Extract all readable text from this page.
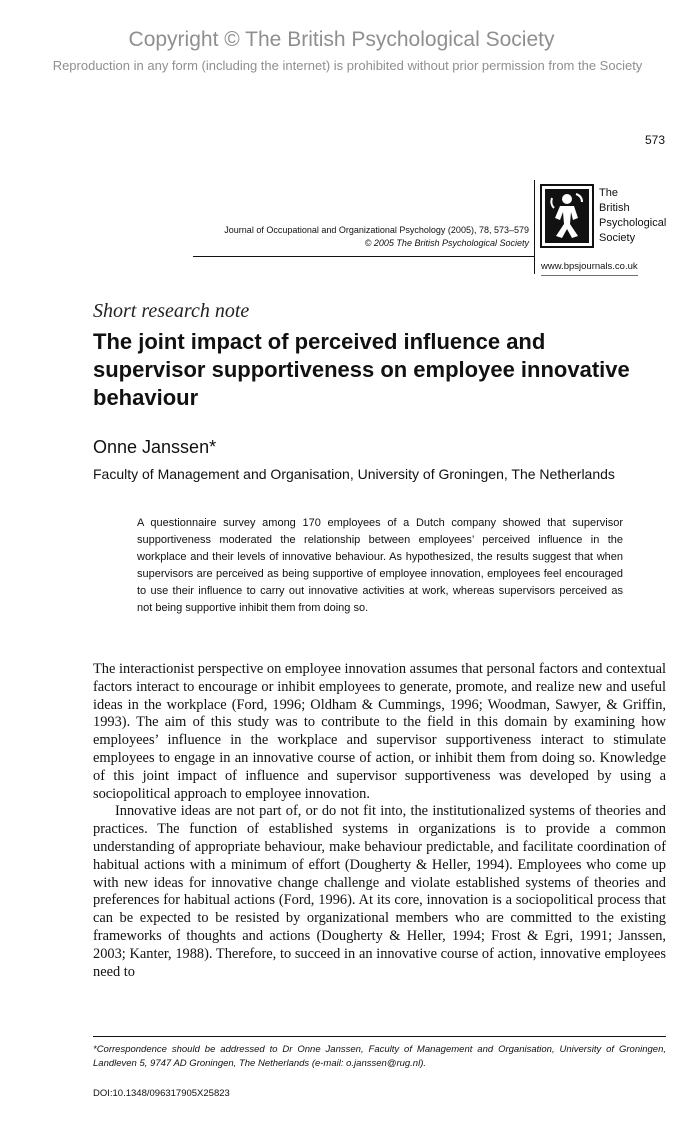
Copyright © The British Psychological Society
Reproduction in any form (including the internet) is prohibited without prior permission from the Society
573
Journal of Occupational and Organizational Psychology (2005), 78, 573–579
© 2005 The British Psychological Society
The
British
Psychological
Society
www.bpsjournals.co.uk
Short research note
The joint impact of perceived influence and supervisor supportiveness on employee innovative behaviour
Onne Janssen*
Faculty of Management and Organisation, University of Groningen, The Netherlands
A questionnaire survey among 170 employees of a Dutch company showed that supervisor supportiveness moderated the relationship between employees’ perceived influence in the workplace and their levels of innovative behaviour. As hypothesized, the results suggest that when supervisors are perceived as being supportive of employee innovation, employees feel encouraged to use their influence to carry out innovative activities at work, whereas supervisors perceived as not being supportive inhibit them from doing so.

The interactionist perspective on employee innovation assumes that personal factors and contextual factors interact to encourage or inhibit employees to generate, promote, and realize new and useful ideas in the workplace (Ford, 1996; Oldham & Cummings, 1996; Woodman, Sawyer, & Griffin, 1993). The aim of this study was to contribute to the field in this domain by examining how employees’ influence in the workplace and supervisor supportiveness interact to stimulate employees to engage in an innovative course of action, or inhibit them from doing so. Knowledge of this joint impact of influence and supervisor supportiveness was developed by using a sociopolitical approach to employee innovation.

Innovative ideas are not part of, or do not fit into, the institutionalized systems of theories and practices. The function of established systems in organizations is to provide a common understanding of appropriate behaviour, make behaviour predictable, and facilitate coordination of habitual actions with a minimum of effort (Dougherty & Heller, 1994). Employees who come up with new ideas for innovative change challenge and violate established systems of theories and preferences for habitual actions (Ford, 1996). At its core, innovation is a sociopolitical process that can be expected to be resisted by organizational members who are committed to the existing frameworks of thoughts and actions (Dougherty & Heller, 1994; Frost & Egri, 1991; Janssen, 2003; Kanter, 1988). Therefore, to succeed in an innovative course of action, innovative employees need to

*Correspondence should be addressed to Dr Onne Janssen, Faculty of Management and Organisation, University of Groningen, Landleven 5, 9747 AD Groningen, The Netherlands (e-mail: o.janssen@rug.nl).
DOI:10.1348/096317905X25823
